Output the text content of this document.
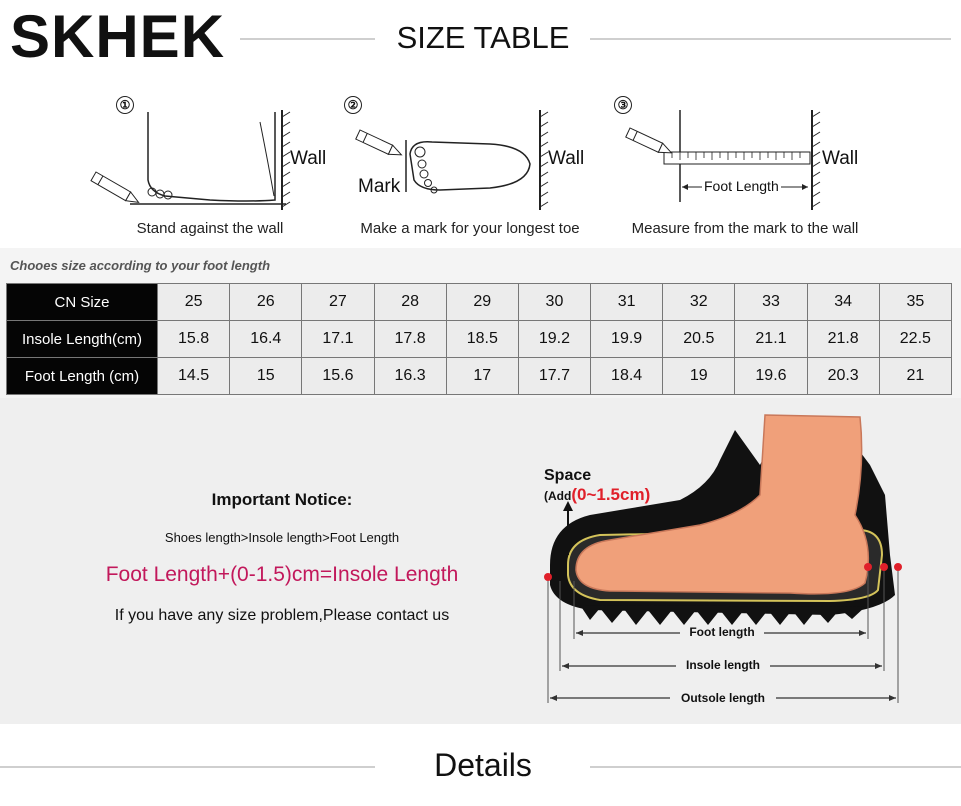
SKHEK	SIZE TABLE
①
Wall
Stand against the wall
②
Mark
Wall
Make a mark for your longest toe
③
Foot Length
Wall
Measure from the mark to the wall
Chooes size according to your foot length
CN Size	25	26	27	28	29	30	31	32	33	34	35
Insole Length(cm)	15.8	16.4	17.1	17.8	18.5	19.2	19.9	20.5	21.1	21.8	22.5
Foot Length (cm)	14.5	15	15.6	16.3	17	17.7	18.4	19	19.6	20.3	21
Important Notice:
Shoes length>Insole length>Foot Length
Foot Length+(0-1.5)cm=Insole Length
If you have any size problem,Please contact us
Space
(Add(0~1.5cm)
Foot length
Insole length
Outsole length
Details
